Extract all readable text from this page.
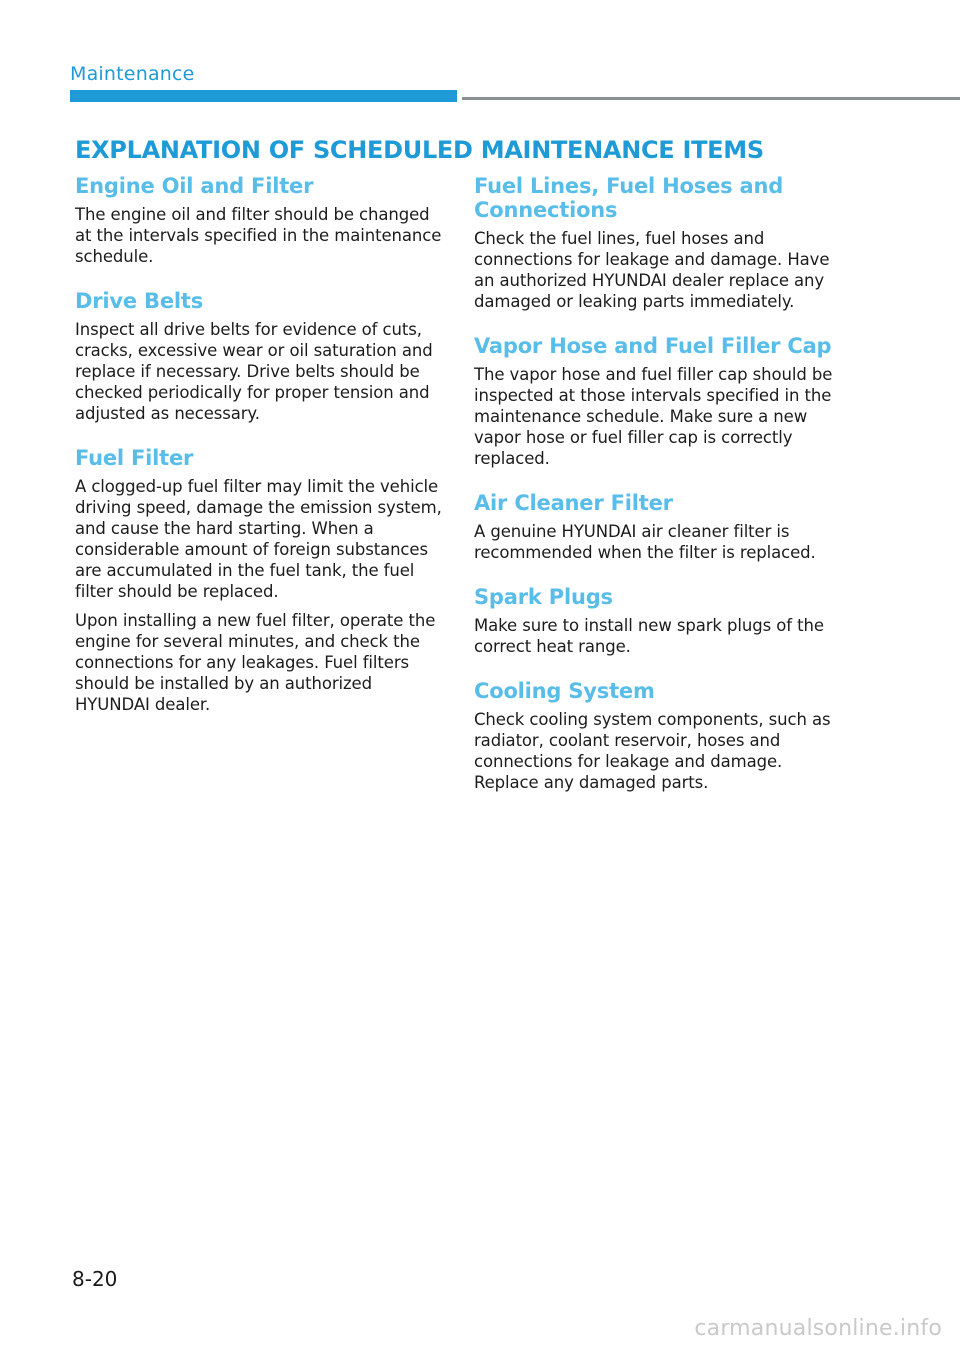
Maintenance
EXPLANATION OF SCHEDULED MAINTENANCE ITEMS
Engine Oil and Filter

The engine oil and filter should be changed at the intervals specified in the maintenance schedule.

Drive Belts

Inspect all drive belts for evidence of cuts, cracks, excessive wear or oil saturation and replace if necessary. Drive belts should be checked periodically for proper tension and adjusted as necessary.

Fuel Filter

A clogged-up fuel filter may limit the vehicle driving speed, damage the emission system, and cause the hard starting. When a considerable amount of foreign substances are accumulated in the fuel tank, the fuel filter should be replaced.

Upon installing a new fuel filter, operate the engine for several minutes, and check the connections for any leakages. Fuel filters should be installed by an authorized HYUNDAI dealer.

Fuel Lines, Fuel Hoses and Connections

Check the fuel lines, fuel hoses and connections for leakage and damage. Have an authorized HYUNDAI dealer replace any damaged or leaking parts immediately.

Vapor Hose and Fuel Filler Cap

The vapor hose and fuel filler cap should be inspected at those intervals specified in the maintenance schedule. Make sure a new vapor hose or fuel filler cap is correctly replaced.

Air Cleaner Filter

A genuine HYUNDAI air cleaner filter is recommended when the filter is replaced.

Spark Plugs

Make sure to install new spark plugs of the correct heat range.

Cooling System

Check cooling system components, such as radiator, coolant reservoir, hoses and connections for leakage and damage. Replace any damaged parts.

8-20
carmanualsonline.info
